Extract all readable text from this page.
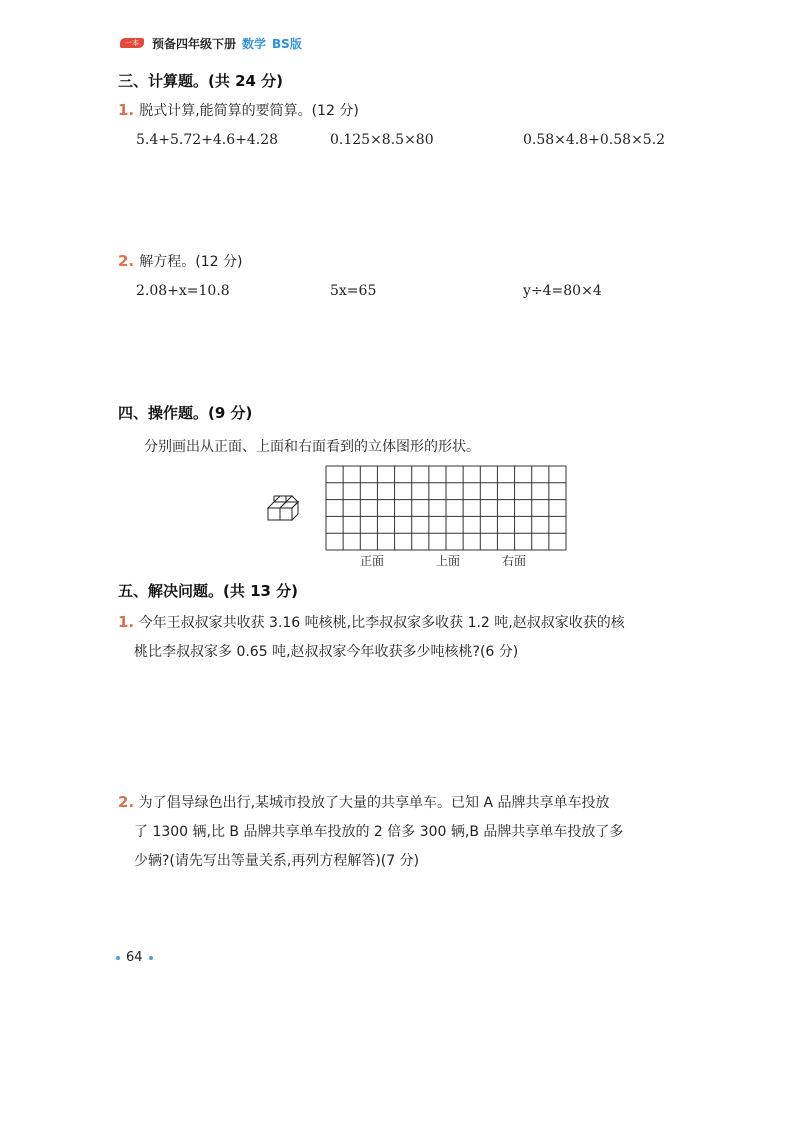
一本	预备四年级下册 数学 BS版
三、计算题。(共 24 分)
1. 脱式计算,能简算的要简算。(12 分)
5.4+5.72+4.6+4.28	0.125×8.5×80	0.58×4.8+0.58×5.2
2. 解方程。(12 分)
2.08+x=10.8	5x=65	y÷4=80×4
四、操作题。(9 分)
分别画出从正面、上面和右面看到的立体图形的形状。
正面	上面	右面
五、解决问题。(共 13 分)
1. 今年王叔叔家共收获 3.16 吨核桃,比李叔叔家多收获 1.2 吨,赵叔叔家收获的核
桃比李叔叔家多 0.65 吨,赵叔叔家今年收获多少吨核桃?(6 分)
2. 为了倡导绿色出行,某城市投放了大量的共享单车。已知 A 品牌共享单车投放
了 1300 辆,比 B 品牌共享单车投放的 2 倍多 300 辆,B 品牌共享单车投放了多
少辆?(请先写出等量关系,再列方程解答)(7 分)
64
